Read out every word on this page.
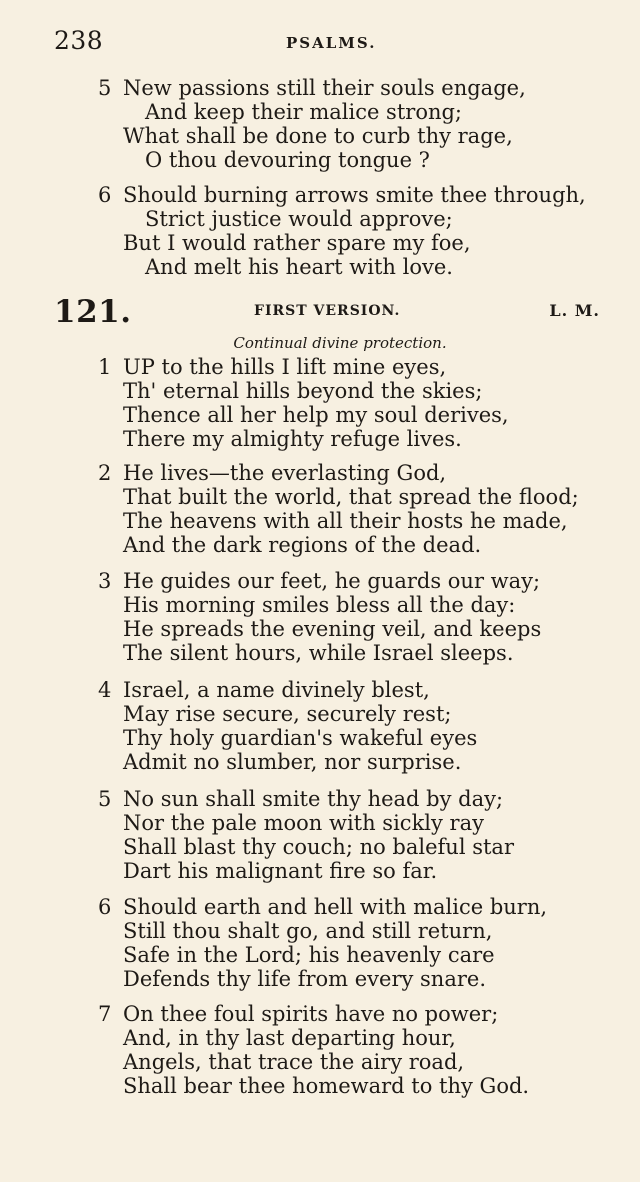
238	PSALMS.
5 New passions still their souls engage,
And keep their malice strong;
What shall be done to curb thy rage,
O thou devouring tongue ?
6 Should burning arrows smite thee through,
Strict justice would approve;
But I would rather spare my foe,
And melt his heart with love.
121.	FIRST VERSION.	L. M.
Continual divine protection.
1 UP to the hills I lift mine eyes,
Th' eternal hills beyond the skies;
Thence all her help my soul derives,
There my almighty refuge lives.
2 He lives—the everlasting God,
That built the world, that spread the flood;
The heavens with all their hosts he made,
And the dark regions of the dead.
3 He guides our feet, he guards our way;
His morning smiles bless all the day:
He spreads the evening veil, and keeps
The silent hours, while Israel sleeps.
4 Israel, a name divinely blest,
May rise secure, securely rest;
Thy holy guardian's wakeful eyes
Admit no slumber, nor surprise.
5 No sun shall smite thy head by day;
Nor the pale moon with sickly ray
Shall blast thy couch; no baleful star
Dart his malignant fire so far.
6 Should earth and hell with malice burn,
Still thou shalt go, and still return,
Safe in the Lord; his heavenly care
Defends thy life from every snare.
7 On thee foul spirits have no power;
And, in thy last departing hour,
Angels, that trace the airy road,
Shall bear thee homeward to thy God.
